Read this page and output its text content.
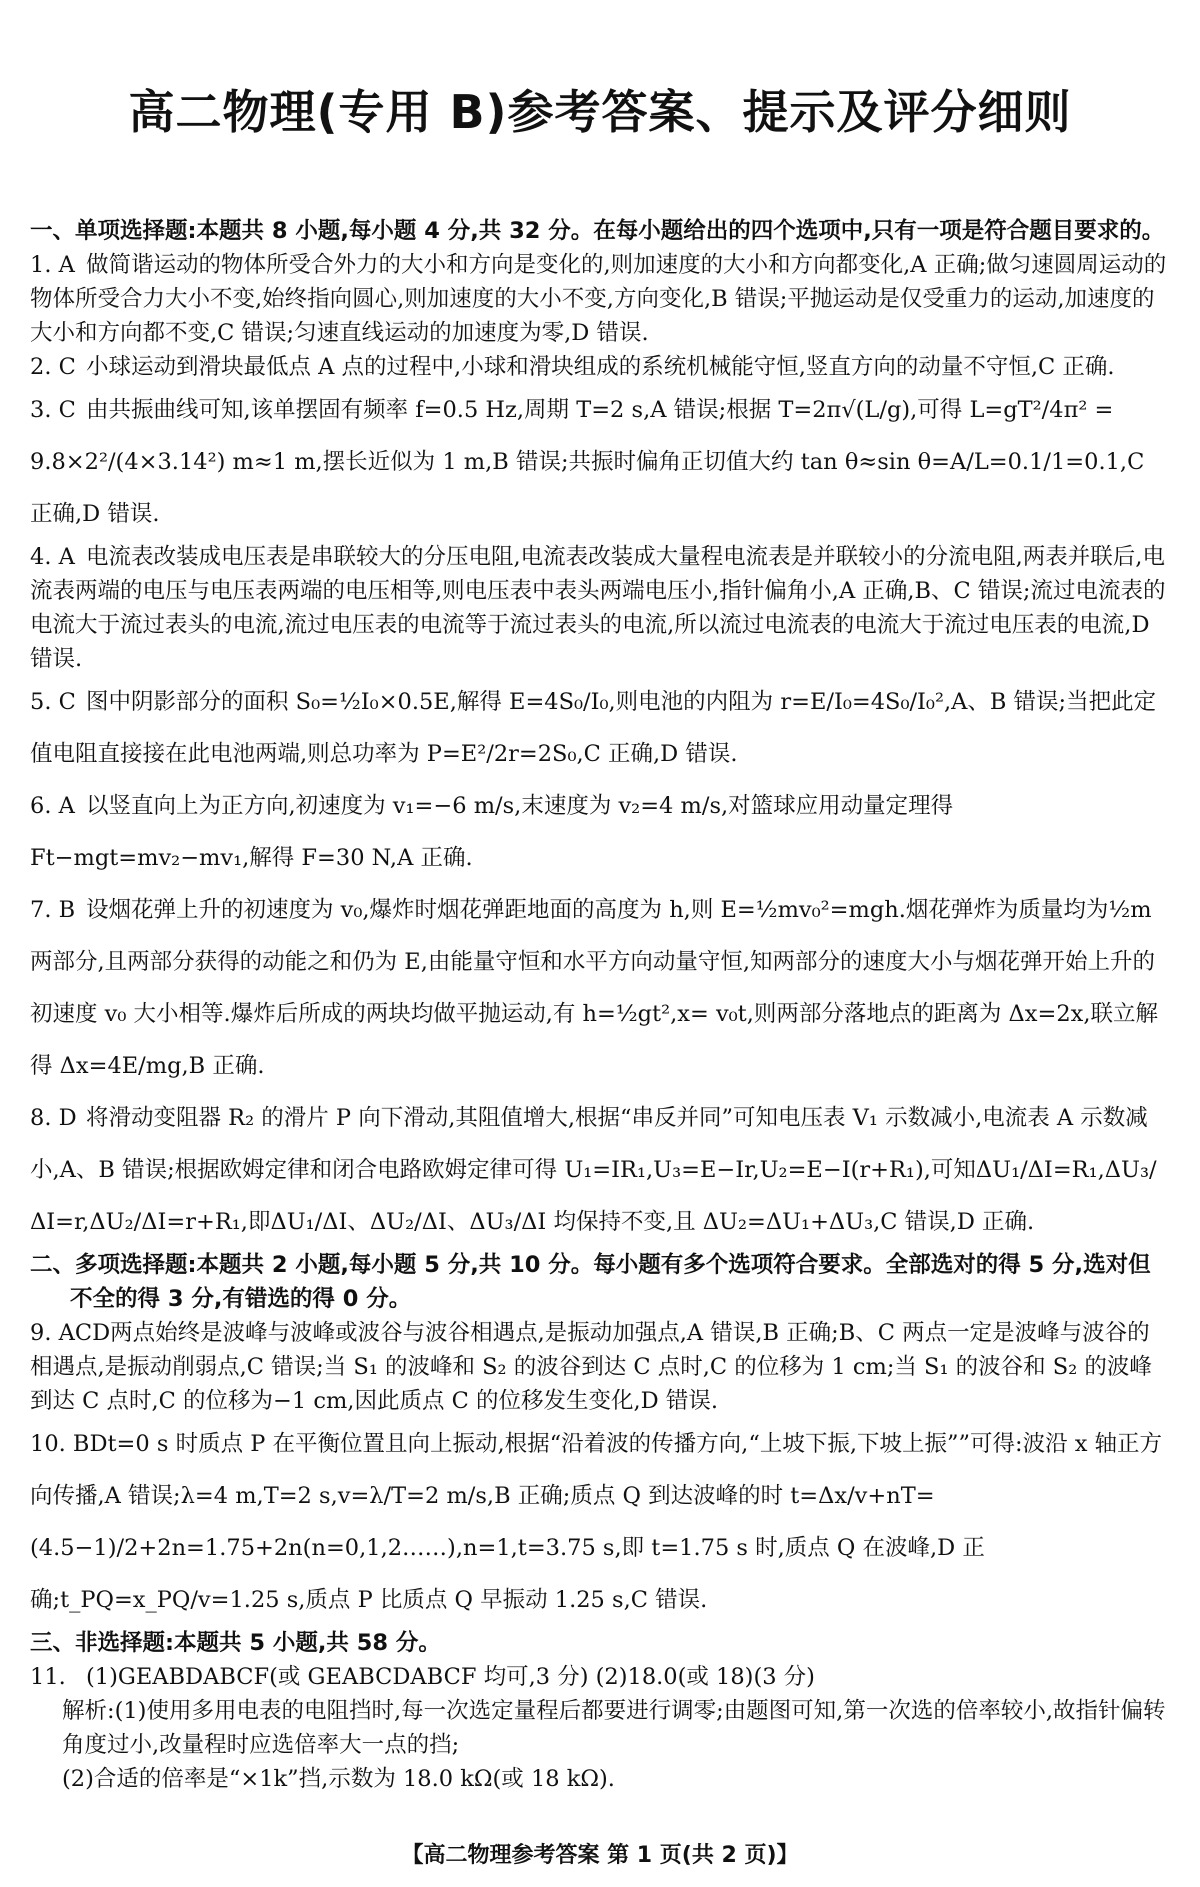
高二物理(专用 B)参考答案、提示及评分细则

一、单项选择题:本题共 8 小题,每小题 4 分,共 32 分。在每小题给出的四个选项中,只有一项是符合题目要求的。

1. A 做简谐运动的物体所受合外力的大小和方向是变化的,则加速度的大小和方向都变化,A 正确;做匀速圆周运动的物体所受合力大小不变,始终指向圆心,则加速度的大小不变,方向变化,B 错误;平抛运动是仅受重力的运动,加速度的大小和方向都不变,C 错误;匀速直线运动的加速度为零,D 错误.

2. C 小球运动到滑块最低点 A 点的过程中,小球和滑块组成的系统机械能守恒,竖直方向的动量不守恒,C 正确.

3. C 由共振曲线可知,该单摆固有频率 f=0.5 Hz,周期 T=2 s,A 错误;根据 T=2π√(L/g),可得 L=gT²/4π² = 9.8×2²/(4×3.14²) m≈1 m,摆长近似为 1 m,B 错误;共振时偏角正切值大约 tan θ≈sin θ=A/L=0.1/1=0.1,C 正确,D 错误.

4. A 电流表改装成电压表是串联较大的分压电阻,电流表改装成大量程电流表是并联较小的分流电阻,两表并联后,电流表两端的电压与电压表两端的电压相等,则电压表中表头两端电压小,指针偏角小,A 正确,B、C 错误;流过电流表的电流大于流过表头的电流,流过电压表的电流等于流过表头的电流,所以流过电流表的电流大于流过电压表的电流,D 错误.

5. C 图中阴影部分的面积 S₀=½I₀×0.5E,解得 E=4S₀/I₀,则电池的内阻为 r=E/I₀=4S₀/I₀²,A、B 错误;当把此定值电阻直接接在此电池两端,则总功率为 P=E²/2r=2S₀,C 正确,D 错误.

6. A 以竖直向上为正方向,初速度为 v₁=−6 m/s,末速度为 v₂=4 m/s,对篮球应用动量定理得 Ft−mgt=mv₂−mv₁,解得 F=30 N,A 正确.

7. B 设烟花弹上升的初速度为 v₀,爆炸时烟花弹距地面的高度为 h,则 E=½mv₀²=mgh.烟花弹炸为质量均为½m 两部分,且两部分获得的动能之和仍为 E,由能量守恒和水平方向动量守恒,知两部分的速度大小与烟花弹开始上升的初速度 v₀ 大小相等.爆炸后所成的两块均做平抛运动,有 h=½gt²,x= v₀t,则两部分落地点的距离为 Δx=2x,联立解得 Δx=4E/mg,B 正确.

8. D 将滑动变阻器 R₂ 的滑片 P 向下滑动,其阻值增大,根据“串反并同”可知电压表 V₁ 示数减小,电流表 A 示数减小,A、B 错误;根据欧姆定律和闭合电路欧姆定律可得 U₁=IR₁,U₃=E−Ir,U₂=E−I(r+R₁),可知ΔU₁/ΔI=R₁,ΔU₃/ΔI=r,ΔU₂/ΔI=r+R₁,即ΔU₁/ΔI、ΔU₂/ΔI、ΔU₃/ΔI 均保持不变,且 ΔU₂=ΔU₁+ΔU₃,C 错误,D 正确.

二、多项选择题:本题共 2 小题,每小题 5 分,共 10 分。每小题有多个选项符合要求。全部选对的得 5 分,选对但不全的得 3 分,有错选的得 0 分。

9. ACD两点始终是波峰与波峰或波谷与波谷相遇点,是振动加强点,A 错误,B 正确;B、C 两点一定是波峰与波谷的相遇点,是振动削弱点,C 错误;当 S₁ 的波峰和 S₂ 的波谷到达 C 点时,C 的位移为 1 cm;当 S₁ 的波谷和 S₂ 的波峰到达 C 点时,C 的位移为−1 cm,因此质点 C 的位移发生变化,D 错误.

10. BDt=0 s 时质点 P 在平衡位置且向上振动,根据“沿着波的传播方向,“上坡下振,下坡上振””可得:波沿 x 轴正方向传播,A 错误;λ=4 m,T=2 s,v=λ/T=2 m/s,B 正确;质点 Q 到达波峰的时 t=Δx/v+nT=(4.5−1)/2+2n=1.75+2n(n=0,1,2……),n=1,t=3.75 s,即 t=1.75 s 时,质点 Q 在波峰,D 正确;t_PQ=x_PQ/v=1.25 s,质点 P 比质点 Q 早振动 1.25 s,C 错误.

三、非选择题:本题共 5 小题,共 58 分。

11. (1)GEABDABCF(或 GEABCDABCF 均可,3 分) (2)18.0(或 18)(3 分)

解析:(1)使用多用电表的电阻挡时,每一次选定量程后都要进行调零;由题图可知,第一次选的倍率较小,故指针偏转角度过小,改量程时应选倍率大一点的挡;

(2)合适的倍率是“×1k”挡,示数为 18.0 kΩ(或 18 kΩ).

【高二物理参考答案 第 1 页(共 2 页)】
